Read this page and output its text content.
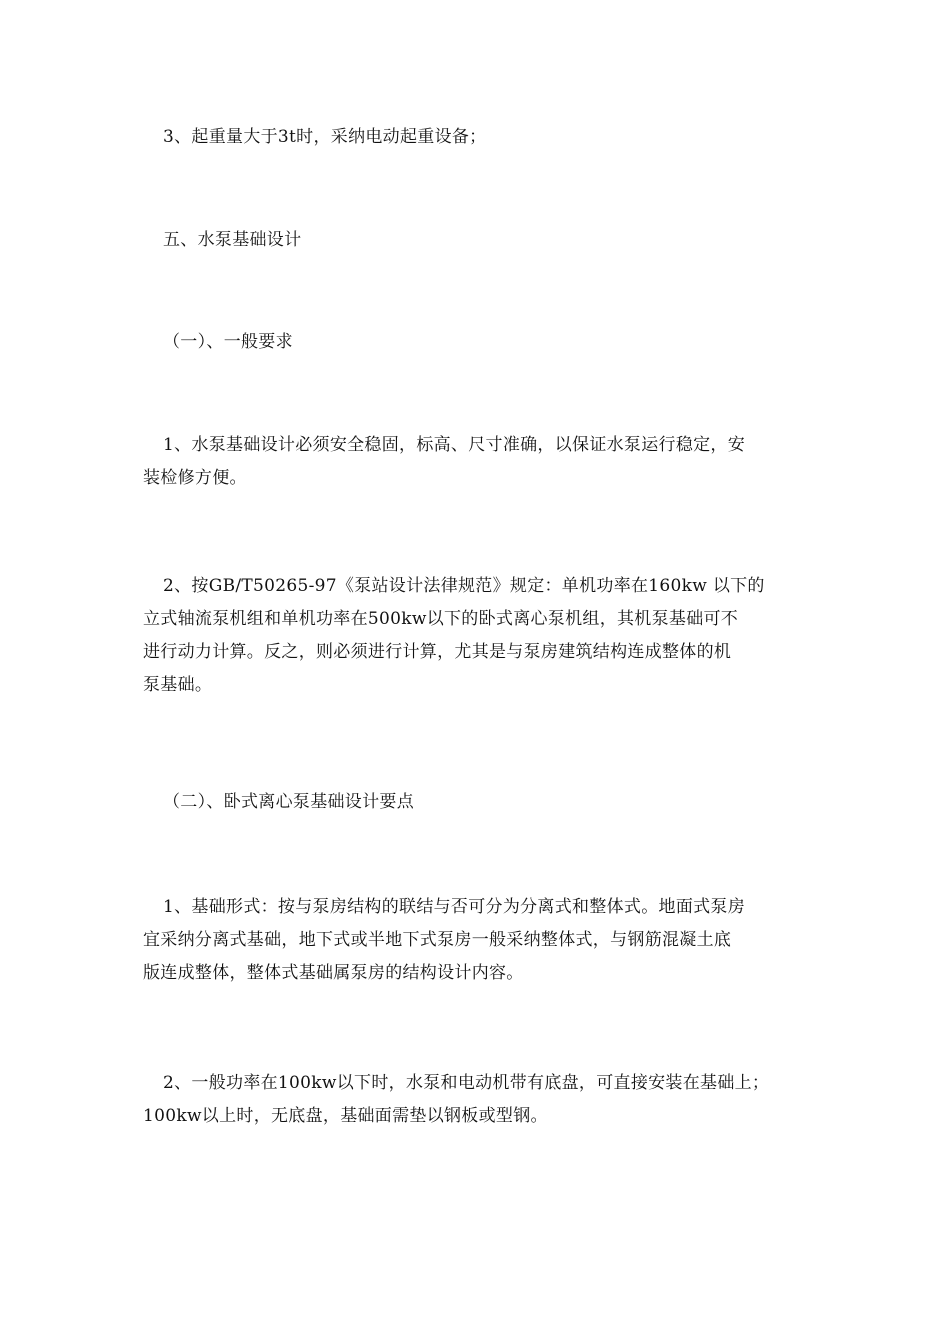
3、起重量大于3t时，采纳电动起重设备；
五、水泵基础设计
（一）、一般要求
1、水泵基础设计必须安全稳固，标高、尺寸准确，以保证水泵运行稳定，安
装检修方便。
2、按GB/T50265-97《泵站设计法律规范》规定：单机功率在160kw 以下的
立式轴流泵机组和单机功率在500kw以下的卧式离心泵机组，其机泵基础可不
进行动力计算。反之，则必须进行计算，尤其是与泵房建筑结构连成整体的机
泵基础。
（二）、卧式离心泵基础设计要点
1、基础形式：按与泵房结构的联结与否可分为分离式和整体式。地面式泵房
宜采纳分离式基础，地下式或半地下式泵房一般采纳整体式，与钢筋混凝土底
版连成整体，整体式基础属泵房的结构设计内容。
2、一般功率在100kw以下时，水泵和电动机带有底盘，可直接安装在基础上；
100kw以上时，无底盘，基础面需垫以钢板或型钢。
